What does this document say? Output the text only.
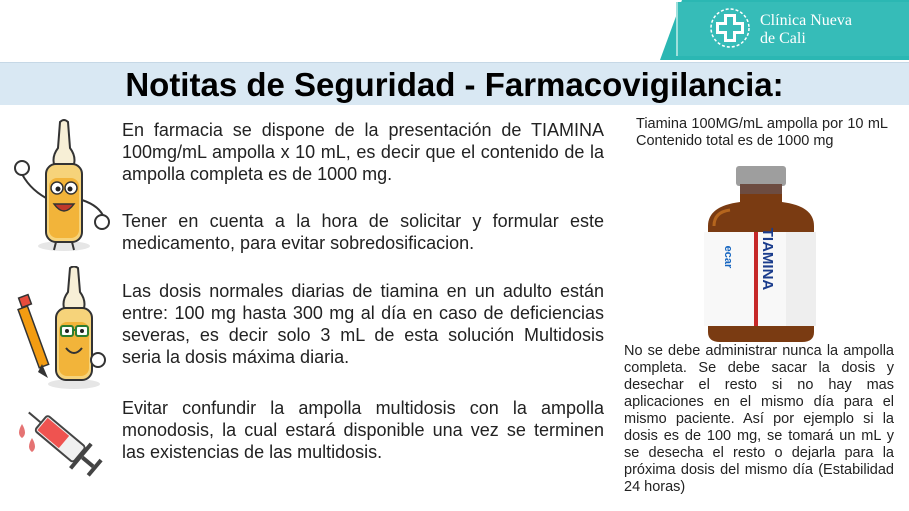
Clínica Nueva
de Cali
Notitas de Seguridad - Farmacovigilancia:
En farmacia se dispone de la presentación de TIAMINA 100mg/mL ampolla x 10 mL, es decir que el contenido de la ampolla completa es de 1000 mg.
Tener en cuenta a la hora de solicitar y formular este medicamento, para evitar sobredosificacion.
Las dosis normales diarias de tiamina en un adulto están entre: 100 mg hasta 300 mg al día en caso de deficiencias severas, es decir solo 3 mL de esta solución Multidosis seria la dosis máxima diaria.
Evitar confundir la ampolla multidosis con la ampolla monodosis, la cual estará disponible una vez se terminen las existencias de las multidosis.
Tiamina 100MG/mL ampolla por 10 mL Contenido total es de 1000 mg
TIAMINA
ecar
No se debe administrar nunca la ampolla completa. Se debe sacar la dosis y desechar el resto si no hay mas aplicaciones en el mismo día para el mismo paciente. Así por ejemplo si la dosis es de 100 mg, se tomará un mL y se desecha el resto o dejarla para la próxima dosis del mismo día (Estabilidad 24 horas)
